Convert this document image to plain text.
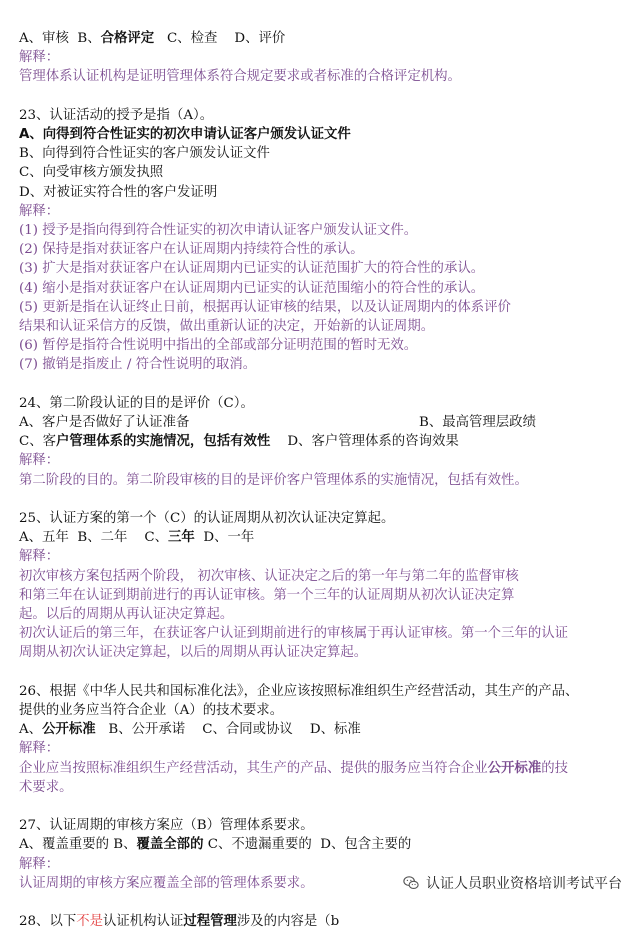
A、审核 B、合格评定 C、检查 D、评价
解释：
管理体系认证机构是证明管理体系符合规定要求或者标准的合格评定机构。
23、认证活动的授予是指（A）。
A、向得到符合性证实的初次申请认证客户颁发认证文件
B、向得到符合性证实的客户颁发认证文件
C、向受审核方颁发执照
D、对被证实符合性的客户发证明
解释：
(1) 授予是指向得到符合性证实的初次申请认证客户颁发认证文件。
(2) 保持是指对获证客户在认证周期内持续符合性的承认。
(3) 扩大是指对获证客户在认证周期内已证实的认证范围扩大的符合性的承认。
(4) 缩小是指对获证客户在认证周期内已证实的认证范围缩小的符合性的承认。
(5) 更新是指在认证终止日前，根据再认证审核的结果，以及认证周期内的体系评价
结果和认证采信方的反馈，做出重新认证的决定，开始新的认证周期。
(6) 暂停是指符合性说明中指出的全部或部分证明范围的暂时无效。
(7) 撤销是指废止 / 符合性说明的取消。
24、第二阶段认证的目的是评价（C）。
A、客户是否做好了认证准备	B、最高管理层政绩
C、客户管理体系的实施情况，包括有效性 D、客户管理体系的咨询效果
解释：
第二阶段的目的。第二阶段审核的目的是评价客户管理体系的实施情况，包括有效性。
25、认证方案的第一个（C）的认证周期从初次认证决定算起。
A、五年 B、二年 C、三年 D、一年
解释：
初次审核方案包括两个阶段， 初次审核、认证决定之后的第一年与第二年的监督审核
和第三年在认证到期前进行的再认证审核。第一个三年的认证周期从初次认证决定算
起。以后的周期从再认证决定算起。
初次认证后的第三年，在获证客户认证到期前进行的审核属于再认证审核。第一个三年的认证
周期从初次认证决定算起，以后的周期从再认证决定算起。
26、根据《中华人民共和国标准化法》，企业应该按照标准组织生产经营活动，其生产的产品、
提供的业务应当符合企业（A）的技术要求。
A、公开标准 B、公开承诺 C、合同或协议 D、标准
解释：
企业应当按照标准组织生产经营活动，其生产的产品、提供的服务应当符合企业公开标准的技
术要求。
27、认证周期的审核方案应（B）管理体系要求。
A、覆盖重要的 B、覆盖全部的 C、不遗漏重要的 D、包含主要的
解释：
认证周期的审核方案应覆盖全部的管理体系要求。
28、以下不是认证机构认证过程管理涉及的内容是（b
认证人员职业资格培训考试平台
